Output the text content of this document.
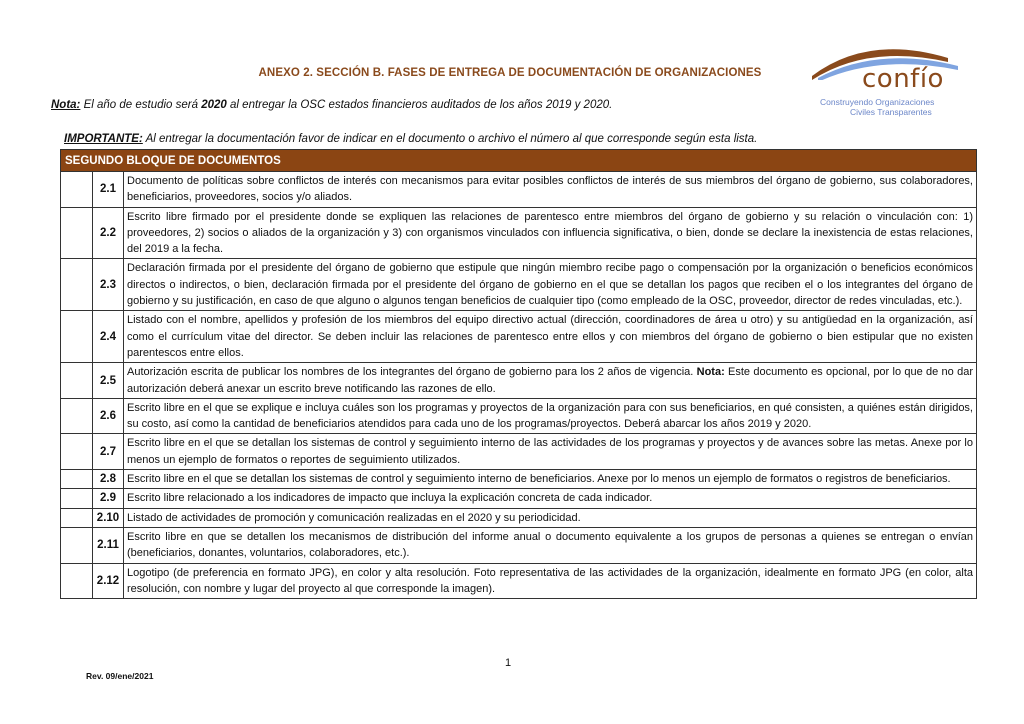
ANEXO 2. SECCIÓN B. FASES DE ENTREGA DE DOCUMENTACIÓN DE ORGANIZACIONES	confío
Construyendo Organizaciones
Civiles Transparentes
Nota: El año de estudio será 2020 al entregar la OSC estados financieros auditados de los años 2019 y 2020.
IMPORTANTE: Al entregar la documentación favor de indicar en el documento o archivo el número al que corresponde según esta lista.
SEGUNDO BLOQUE DE DOCUMENTOS		
	2.1	Documento de políticas sobre conflictos de interés con mecanismos para evitar posibles conflictos de interés de sus miembros del órgano de gobierno, sus colaboradores, beneficiarios, proveedores, socios y/o aliados.
	2.2	Escrito libre firmado por el presidente donde se expliquen las relaciones de parentesco entre miembros del órgano de gobierno y su relación o vinculación con: 1) proveedores, 2) socios o aliados de la organización y 3) con organismos vinculados con influencia significativa, o bien, donde se declare la inexistencia de estas relaciones, del 2019 a la fecha.
	2.3	Declaración firmada por el presidente del órgano de gobierno que estipule que ningún miembro recibe pago o compensación por la organización o beneficios económicos directos o indirectos, o bien, declaración firmada por el presidente del órgano de gobierno en el que se detallan los pagos que reciben el o los integrantes del órgano de gobierno y su justificación, en caso de que alguno o algunos tengan beneficios de cualquier tipo (como empleado de la OSC, proveedor, director de redes vinculadas, etc.).
	2.4	Listado con el nombre, apellidos y profesión de los miembros del equipo directivo actual (dirección, coordinadores de área u otro) y su antigüedad en la organización, así como el currículum vitae del director. Se deben incluir las relaciones de parentesco entre ellos y con miembros del órgano de gobierno o bien estipular que no existen parentescos entre ellos.
	2.5	Autorización escrita de publicar los nombres de los integrantes del órgano de gobierno para los 2 años de vigencia. Nota: Este documento es opcional, por lo que de no dar autorización deberá anexar un escrito breve notificando las razones de ello.
	2.6	Escrito libre en el que se explique e incluya cuáles son los programas y proyectos de la organización para con sus beneficiarios, en qué consisten, a quiénes están dirigidos, su costo, así como la cantidad de beneficiarios atendidos para cada uno de los programas/proyectos. Deberá abarcar los años 2019 y 2020.
	2.7	Escrito libre en el que se detallan los sistemas de control y seguimiento interno de las actividades de los programas y proyectos y de avances sobre las metas. Anexe por lo menos un ejemplo de formatos o reportes de seguimiento utilizados.
	2.8	Escrito libre en el que se detallan los sistemas de control y seguimiento interno de beneficiarios. Anexe por lo menos un ejemplo de formatos o registros de beneficiarios.
	2.9	Escrito libre relacionado a los indicadores de impacto que incluya la explicación concreta de cada indicador.
	2.10	Listado de actividades de promoción y comunicación realizadas en el 2020 y su periodicidad.
	2.11	Escrito libre en que se detallen los mecanismos de distribución del informe anual o documento equivalente a los grupos de personas a quienes se entregan o envían (beneficiarios, donantes, voluntarios, colaboradores, etc.).
	2.12	Logotipo (de preferencia en formato JPG), en color y alta resolución. Foto representativa de las actividades de la organización, idealmente en formato JPG (en color, alta resolución, con nombre y lugar del proyecto al que corresponde la imagen).
1
Rev. 09/ene/2021
